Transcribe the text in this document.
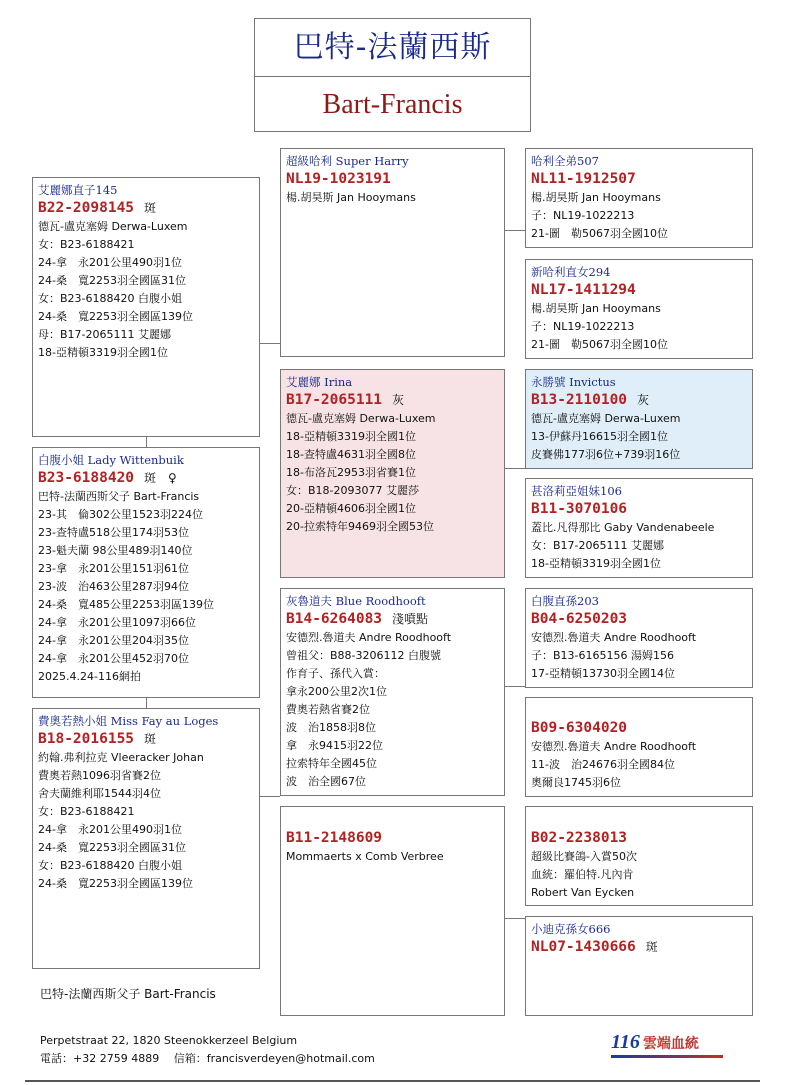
巴特-法蘭西斯
Bart-Francis
艾麗娜直子145
B22-2098145 斑
德瓦-盧克塞姆 Derwa-Luxem
女：B23-6188421
24-拿　永201公里490羽1位
24-桑　寬2253羽全國區31位
女：B23-6188420 白腹小姐
24-桑　寬2253羽全國區139位
母：B17-2065111 艾麗娜
18-亞精頓3319羽全國1位
白腹小姐 Lady Wittenbuik
B23-6188420 斑　♀
巴特-法蘭西斯父子 Bart-Francis
23-其　倫302公里1523羽224位
23-查特盧518公里174羽53位
23-魁夫蘭 98公里489羽140位
23-拿　永201公里151羽61位
23-波　治463公里287羽94位
24-桑　寬485公里2253羽區139位
24-拿　永201公里1097羽66位
24-拿　永201公里204羽35位
24-拿　永201公里452羽70位
2025.4.24-116網拍
費奧若熱小姐 Miss Fay au Loges
B18-2016155 斑
約翰.弗利拉克 Vleeracker Johan
費奧若熱1096羽省賽2位
舍夫蘭維利耶1544羽4位
女：B23-6188421
24-拿　永201公里490羽1位
24-桑　寬2253羽全國區31位
女：B23-6188420 白腹小姐
24-桑　寬2253羽全國區139位
超級哈利 Super Harry
NL19-1023191
楊.胡昊斯 Jan Hooymans
艾麗娜 Irina
B17-2065111 灰
德瓦-盧克塞姆 Derwa-Luxem
18-亞精頓3319羽全國1位
18-查特盧4631羽全國8位
18-布洛瓦2953羽省賽1位
女：B18-2093077 艾麗莎
20-亞精頓4606羽全國1位
20-拉索特年9469羽全國53位
灰魯道夫 Blue Roodhooft
B14-6264083 淺噴點
安德烈.魯道夫 Andre Roodhooft
曾祖父：B88-3206112 白腹號
作育子、孫代入賞：
拿永200公里2次1位
費奧若熱省賽2位
波　治1858羽8位
拿　永9415羽22位
拉索特年全國45位
波　治全國67位
B11-2148609
Mommaerts x Comb Verbree
哈利全弟507
NL11-1912507
楊.胡昊斯 Jan Hooymans
子：NL19-1022213
21-圖　勒5067羽全國10位
新哈利直女294
NL17-1411294
楊.胡昊斯 Jan Hooymans
子：NL19-1022213
21-圖　勒5067羽全國10位
永勝號 Invictus
B13-2110100 灰
德瓦-盧克塞姆 Derwa-Luxem
13-伊蘇丹16615羽全國1位
皮賽佛177羽6位+739羽16位
甚洛莉亞姐妹106
B11-3070106
蓋比.凡得那比 Gaby Vandenabeele
女：B17-2065111 艾麗娜
18-亞精頓3319羽全國1位
白腹直孫203
B04-6250203
安德烈.魯道夫 Andre Roodhooft
子：B13-6165156 湯姆156
17-亞精頓13730羽全國14位
B09-6304020
安德烈.魯道夫 Andre Roodhooft
11-波　治24676羽全國84位
奧爾良1745羽6位
B02-2238013
超級比賽鴿-入賞50次
血統：羅伯特.凡內肯
Robert Van Eycken
小迪克孫女666
NL07-1430666 斑
巴特-法蘭西斯父子 Bart-Francis
Perpetstraat 22, 1820 Steenokkerzeel Belgium
電話：+32 2759 4889　 信箱：francisverdeyen@hotmail.com
116 雲端血統
